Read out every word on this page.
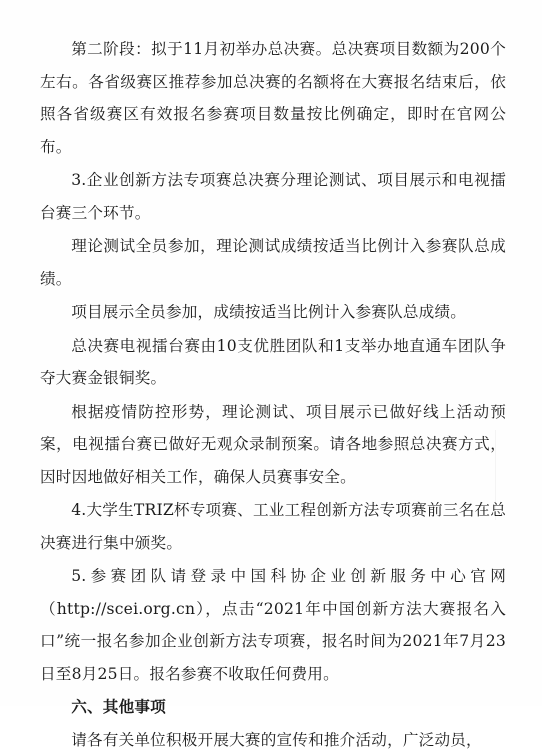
第二阶段：拟于11月初举办总决赛。总决赛项目数额为200个左右。各省级赛区推荐参加总决赛的名额将在大赛报名结束后，依照各省级赛区有效报名参赛项目数量按比例确定，即时在官网公布。

3.企业创新方法专项赛总决赛分理论测试、项目展示和电视擂台赛三个环节。

理论测试全员参加，理论测试成绩按适当比例计入参赛队总成绩。

项目展示全员参加，成绩按适当比例计入参赛队总成绩。

总决赛电视擂台赛由10支优胜团队和1支举办地直通车团队争夺大赛金银铜奖。

根据疫情防控形势，理论测试、项目展示已做好线上活动预案，电视擂台赛已做好无观众录制预案。请各地参照总决赛方式，因时因地做好相关工作，确保人员赛事安全。

4.大学生TRIZ杯专项赛、工业工程创新方法专项赛前三名在总决赛进行集中颁奖。

5.参赛团队请登录中国科协企业创新服务中心官网（http://scei.org.cn），点击“2021年中国创新方法大赛报名入口”统一报名参加企业创新方法专项赛，报名时间为2021年7月23日至8月25日。报名参赛不收取任何费用。

六、其他事项

请各有关单位积极开展大赛的宣传和推介活动，广泛动员，
